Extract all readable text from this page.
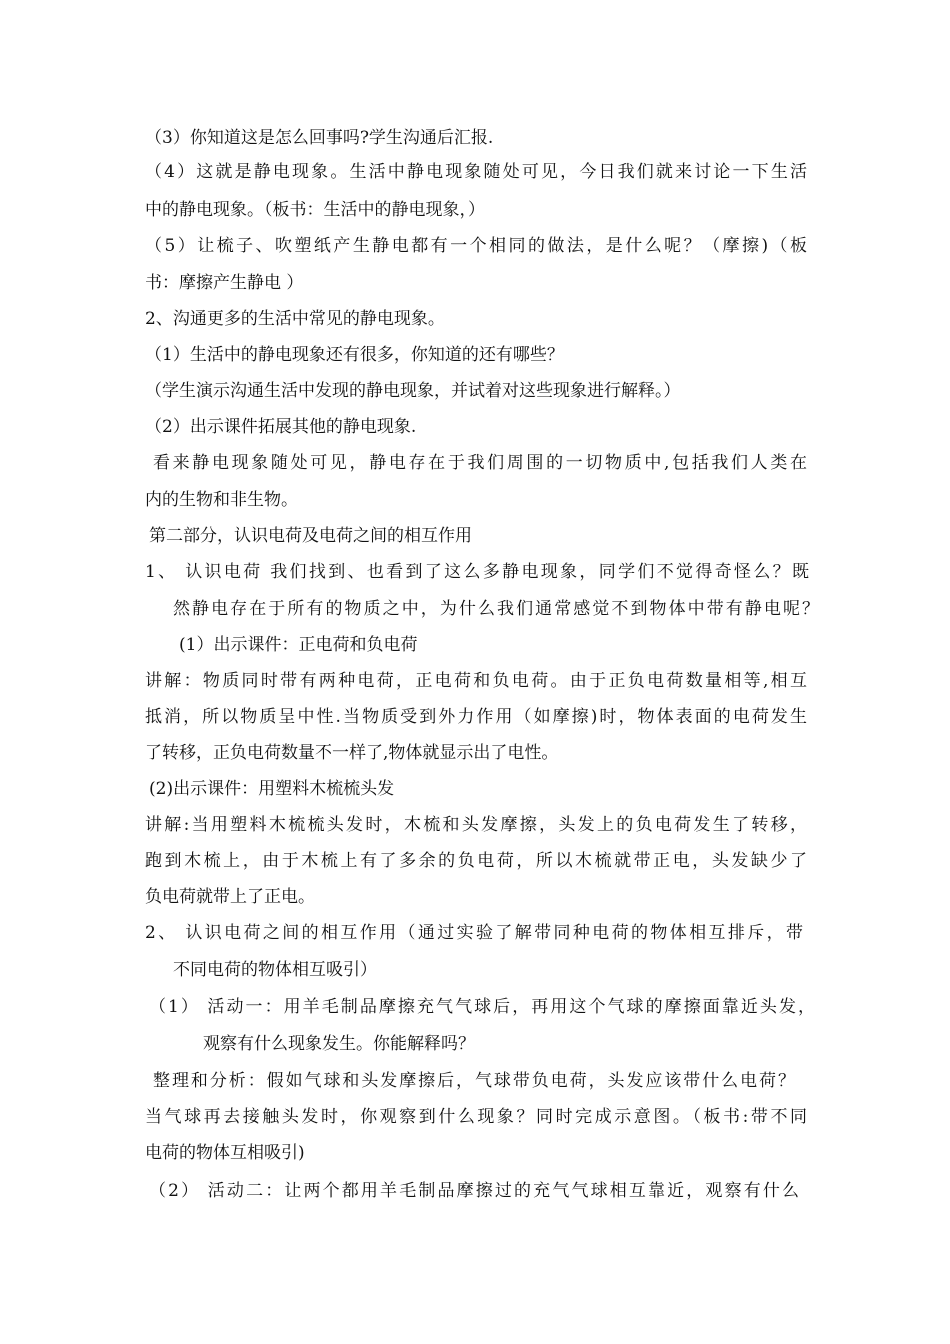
（3）你知道这是怎么回事吗?学生沟通后汇报.
（4）这就是静电现象。生活中静电现象随处可见，今日我们就来讨论一下生活
中的静电现象。（板书：生活中的静电现象，）
（5）让梳子、吹塑纸产生静电都有一个相同的做法，是什么呢？（摩擦)（板
书：摩擦产生静电 ）
2、沟通更多的生活中常见的静电现象。
（1）生活中的静电现象还有很多，你知道的还有哪些？
（学生演示沟通生活中发现的静电现象，并试着对这些现象进行解释。）
（2）出示课件拓展其他的静电现象.
看来静电现象随处可见，静电存在于我们周围的一切物质中,包括我们人类在
内的生物和非生物。
第二部分，认识电荷及电荷之间的相互作用
1、 认识电荷 我们找到、也看到了这么多静电现象，同学们不觉得奇怪么？既
然静电存在于所有的物质之中，为什么我们通常感觉不到物体中带有静电呢？
(1）出示课件：正电荷和负电荷
讲解：物质同时带有两种电荷，正电荷和负电荷。由于正负电荷数量相等,相互
抵消，所以物质呈中性.当物质受到外力作用（如摩擦)时，物体表面的电荷发生
了转移，正负电荷数量不一样了,物体就显示出了电性。
(2)出示课件：用塑料木梳梳头发
讲解:当用塑料木梳梳头发时，木梳和头发摩擦，头发上的负电荷发生了转移，
跑到木梳上，由于木梳上有了多余的负电荷，所以木梳就带正电，头发缺少了
负电荷就带上了正电。
2、 认识电荷之间的相互作用（通过实验了解带同种电荷的物体相互排斥，带
不同电荷的物体相互吸引）
（1） 活动一：用羊毛制品摩擦充气气球后，再用这个气球的摩擦面靠近头发，
观察有什么现象发生。你能解释吗？
整理和分析：假如气球和头发摩擦后，气球带负电荷，头发应该带什么电荷？
当气球再去接触头发时，你观察到什么现象？同时完成示意图。（板书:带不同
电荷的物体互相吸引)
（2） 活动二：让两个都用羊毛制品摩擦过的充气气球相互靠近，观察有什么
